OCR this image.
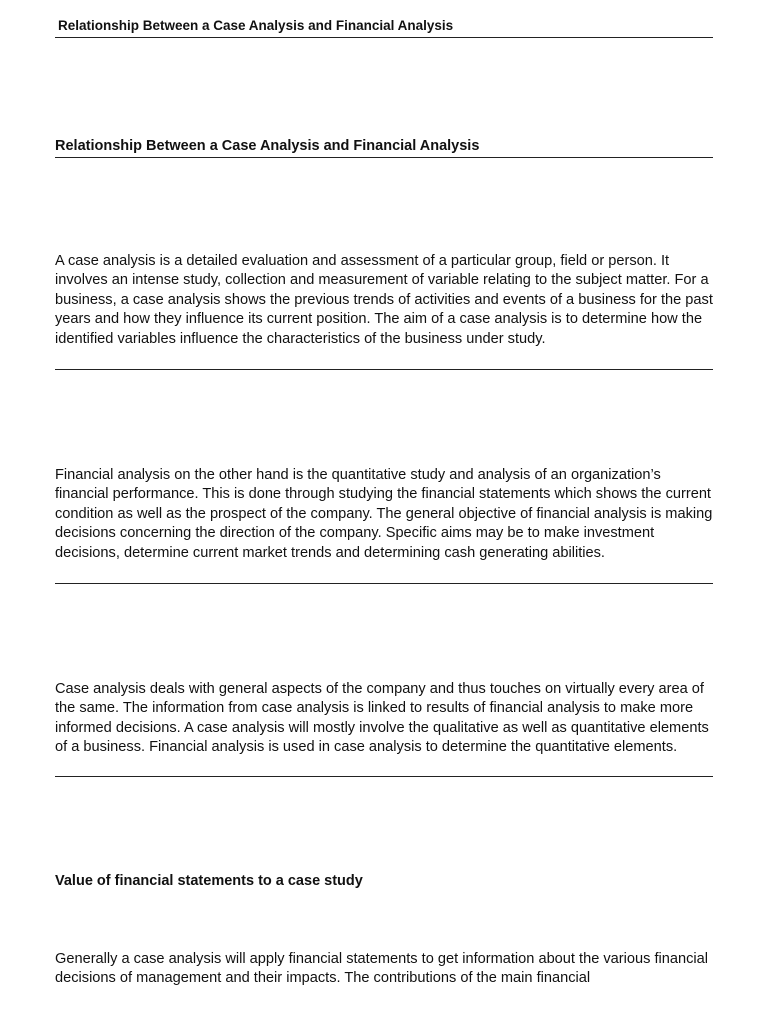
Relationship Between a Case Analysis and Financial Analysis
Relationship Between a Case Analysis and Financial Analysis
A case analysis is a detailed evaluation and assessment of a particular group, field or person. It involves an intense study, collection and measurement of variable relating to the subject matter. For a business, a case analysis shows the previous trends of activities and events of a business for the past years and how they influence its current position. The aim of a case analysis is to determine how the identified variables influence the characteristics of the business under study.
Financial analysis on the other hand is the quantitative study and analysis of an organization’s financial performance. This is done through studying the financial statements which shows the current condition as well as the prospect of the company. The general objective of financial analysis is making decisions concerning the direction of the company. Specific aims may be to make investment decisions, determine current market trends and determining cash generating abilities.
Case analysis deals with general aspects of the company and thus touches on virtually every area of the same. The information from case analysis is linked to results of financial analysis to make more informed decisions. A case analysis will mostly involve the qualitative as well as quantitative elements of a business. Financial analysis is used in case analysis to determine the quantitative elements.
Value of financial statements to a case study
Generally a case analysis will apply financial statements to get information about the various financial decisions of management and their impacts. The contributions of the main financial
